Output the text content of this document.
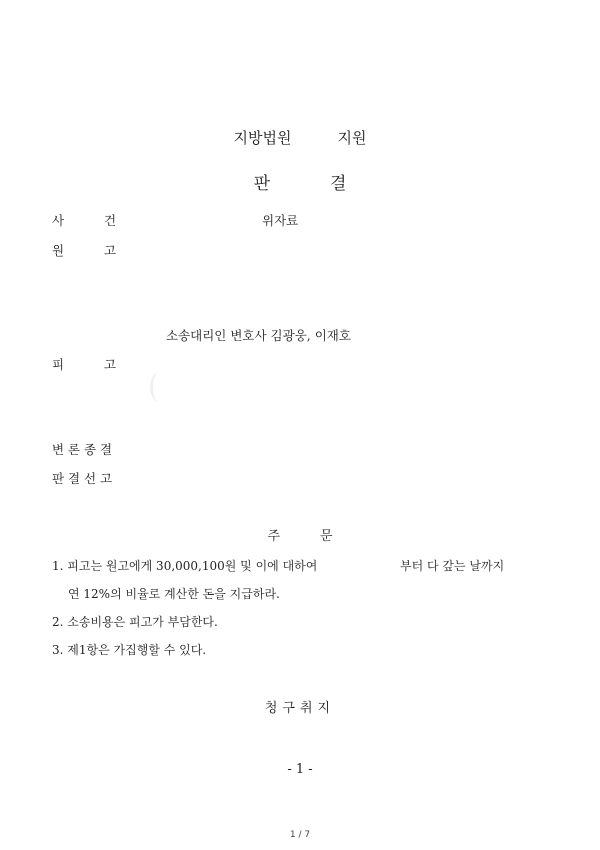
지방법원	지원
판	결
사	건	위자료
원	고
소송대리인 변호사 김광웅, 이재호
피	고
변 론 종 결
판 결 선 고
주	문
1. 피고는 원고에게 30,000,100원 및 이에 대하여	부터 다 갚는 날까지
연 12%의 비율로 계산한 돈을 지급하라.
2. 소송비용은 피고가 부담한다.
3. 제1항은 가집행할 수 있다.
청구취지
- 1 -
1 / 7
